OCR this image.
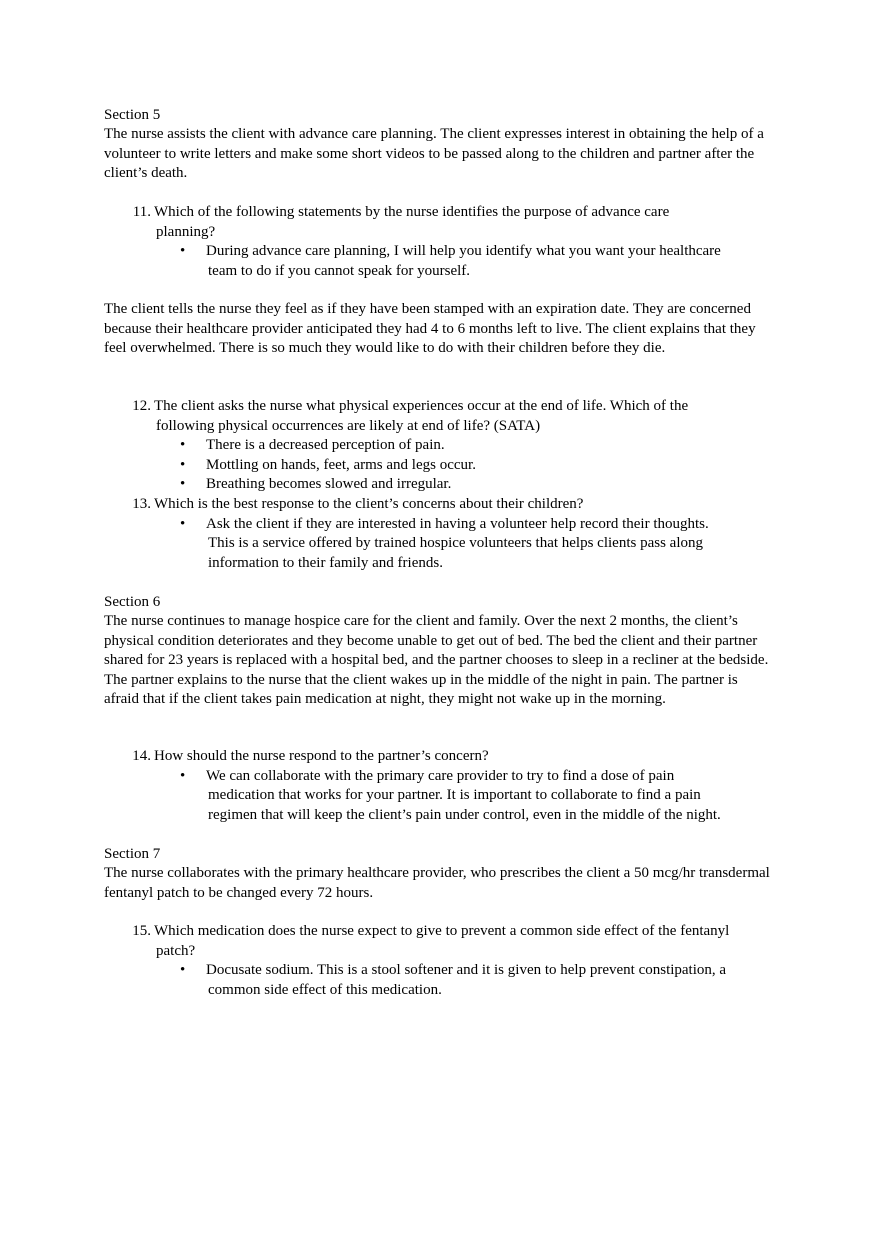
Section 5

The nurse assists the client with advance care planning. The client expresses interest in obtaining the help of a volunteer to write letters and make some short videos to be passed along to the children and partner after the client’s death.

11. Which of the following statements by the nurse identifies the purpose of advance care
planning?
• During advance care planning, I will help you identify what you want your healthcare
team to do if you cannot speak for yourself.

The client tells the nurse they feel as if they have been stamped with an expiration date. They are concerned because their healthcare provider anticipated they had 4 to 6 months left to live. The client explains that they feel overwhelmed. There is so much they would like to do with their children before they die.

12. The client asks the nurse what physical experiences occur at the end of life. Which of the
following physical occurrences are likely at end of life? (SATA)
• There is a decreased perception of pain.
• Mottling on hands, feet, arms and legs occur.
• Breathing becomes slowed and irregular.
13. Which is the best response to the client’s concerns about their children?
• Ask the client if they are interested in having a volunteer help record their thoughts.
This is a service offered by trained hospice volunteers that helps clients pass along
information to their family and friends.

Section 6

The nurse continues to manage hospice care for the client and family. Over the next 2 months, the client’s physical condition deteriorates and they become unable to get out of bed. The bed the client and their partner shared for 23 years is replaced with a hospital bed, and the partner chooses to sleep in a recliner at the bedside. The partner explains to the nurse that the client wakes up in the middle of the night in pain. The partner is afraid that if the client takes pain medication at night, they might not wake up in the morning.

14. How should the nurse respond to the partner’s concern?
• We can collaborate with the primary care provider to try to find a dose of pain
medication that works for your partner. It is important to collaborate to find a pain
regimen that will keep the client’s pain under control, even in the middle of the night.

Section 7

The nurse collaborates with the primary healthcare provider, who prescribes the client a 50 mcg/hr transdermal fentanyl patch to be changed every 72 hours.

15. Which medication does the nurse expect to give to prevent a common side effect of the fentanyl
patch?
• Docusate sodium. This is a stool softener and it is given to help prevent constipation, a
common side effect of this medication.
